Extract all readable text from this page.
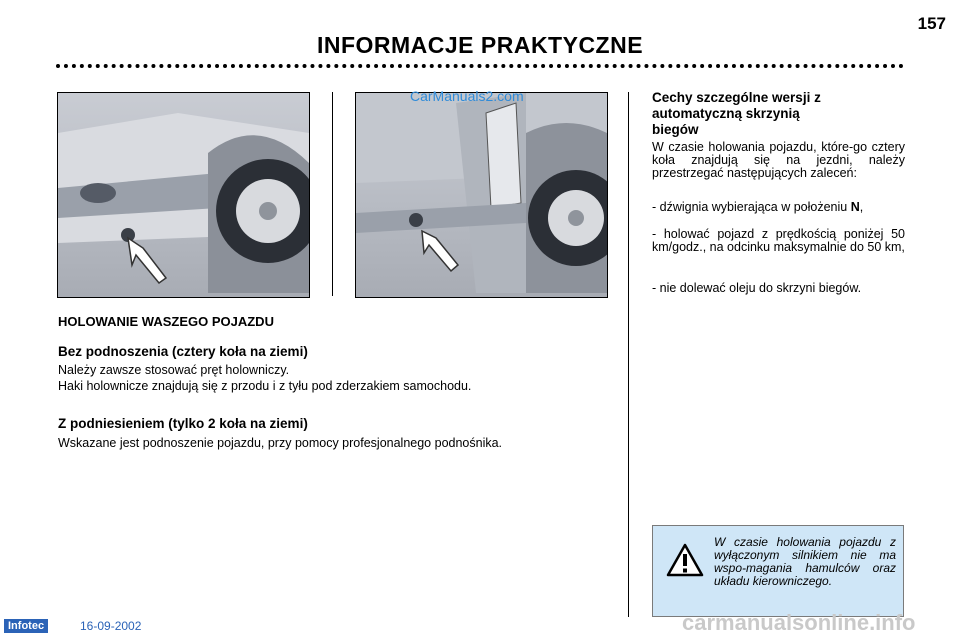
157
INFORMACJE PRAKTYCZNE
HOLOWANIE WASZEGO POJAZDU
Bez podnoszenia (cztery koła na ziemi)
Należy zawsze stosować pręt holowniczy.
Haki holownicze znajdują się z przodu i z tyłu pod zderzakiem samochodu.
Z podniesieniem (tylko 2 koła na ziemi)
Wskazane jest podnoszenie pojazdu, przy pomocy profesjonalnego podnośnika.
Cechy szczególne wersji z
automatyczną skrzynią
biegów
W czasie holowania pojazdu, które-go cztery koła znajdują się na jezdni, należy przestrzegać następujących zaleceń:
- dźwignia wybierająca w położeniu N,
- holować pojazd z prędkością poniżej 50 km/godz., na odcinku maksymalnie do 50 km,
- nie dolewać oleju do skrzyni biegów.
W czasie holowania pojazdu z wyłączonym silnikiem nie ma wspo-magania hamulców oraz układu kierowniczego.
Infotec	16-09-2002
CarManuals2.com
carmanualsonline.info
